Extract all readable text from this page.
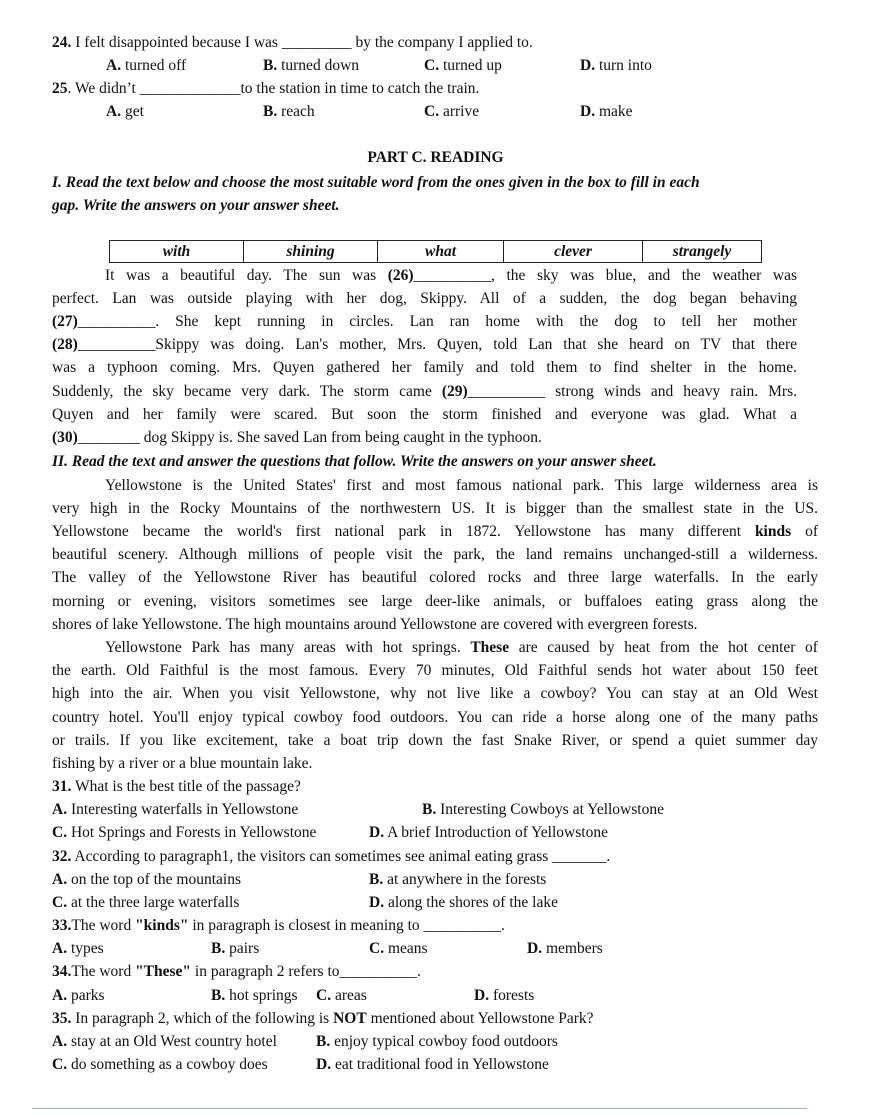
24. I felt disappointed because I was _________ by the company I applied to.
A. turned off	B. turned down	C. turned up	D. turn into
25. We didn’t _____________to the station in time to catch the train.
A. get	B. reach	C. arrive	D. make
PART C. READING
I. Read the text below and choose the most suitable word from the ones given in the box to fill in each
gap. Write the answers on your answer sheet.
with	shining	what	clever	strangely
It was a beautiful day. The sun was (26)__________, the sky was blue, and the weather was
perfect. Lan was outside playing with her dog, Skippy. All of a sudden, the dog began behaving
(27)__________. She kept running in circles. Lan ran home with the dog to tell her mother
(28)__________Skippy was doing. Lan's mother, Mrs. Quyen, told Lan that she heard on TV that there
was a typhoon coming. Mrs. Quyen gathered her family and told them to find shelter in the home.
Suddenly, the sky became very dark. The storm came (29)__________ strong winds and heavy rain. Mrs.
Quyen and her family were scared. But soon the storm finished and everyone was glad. What a
(30)________ dog Skippy is. She saved Lan from being caught in the typhoon.
II. Read the text and answer the questions that follow. Write the answers on your answer sheet.
Yellowstone is the United States' first and most famous national park. This large wilderness area is
very high in the Rocky Mountains of the northwestern US. It is bigger than the smallest state in the US.
Yellowstone became the world's first national park in 1872. Yellowstone has many different kinds of
beautiful scenery. Although millions of people visit the park, the land remains unchanged-still a wilderness.
The valley of the Yellowstone River has beautiful colored rocks and three large waterfalls. In the early
morning or evening, visitors sometimes see large deer-like animals, or buffaloes eating grass along the
shores of lake Yellowstone. The high mountains around Yellowstone are covered with evergreen forests.
Yellowstone Park has many areas with hot springs. These are caused by heat from the hot center of
the earth. Old Faithful is the most famous. Every 70 minutes, Old Faithful sends hot water about 150 feet
high into the air. When you visit Yellowstone, why not live like a cowboy? You can stay at an Old West
country hotel. You'll enjoy typical cowboy food outdoors. You can ride a horse along one of the many paths
or trails. If you like excitement, take a boat trip down the fast Snake River, or spend a quiet summer day
fishing by a river or a blue mountain lake.
31. What is the best title of the passage?
A. Interesting waterfalls in Yellowstone	B. Interesting Cowboys at Yellowstone
C. Hot Springs and Forests in Yellowstone	D. A brief Introduction of Yellowstone
32. According to paragraph1, the visitors can sometimes see animal eating grass _______.
A. on the top of the mountains	B. at anywhere in the forests
C. at the three large waterfalls	D. along the shores of the lake
33.The word "kinds" in paragraph is closest in meaning to __________.
A. types	B. pairs	C. means	D. members
34.The word "These" in paragraph 2 refers to__________.
A. parks	B. hot springs C. areas	D. forests
35. In paragraph 2, which of the following is NOT mentioned about Yellowstone Park?
A. stay at an Old West country hotel	B. enjoy typical cowboy food outdoors
C. do something as a cowboy does	D. eat traditional food in Yellowstone
